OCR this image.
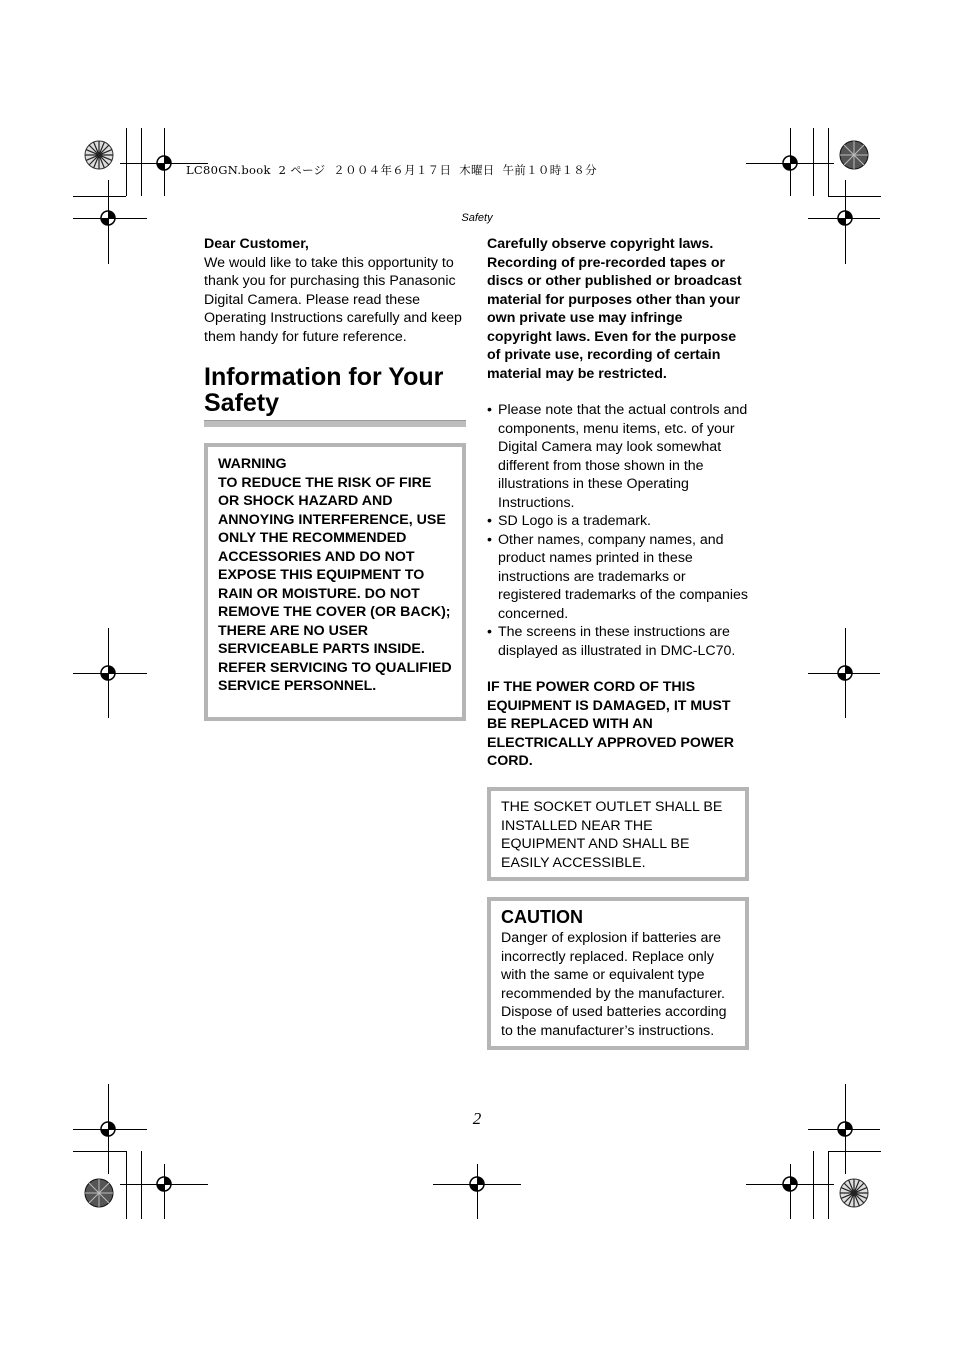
LC80GN.book  2 ページ  ２００４年６月１７日  木曜日  午前１０時１８分
Safety

Dear Customer,

We would like to take this opportunity to thank you for purchasing this Panasonic Digital Camera. Please read these Operating Instructions carefully and keep them handy for future reference.

Information for Your Safety

WARNING

TO REDUCE THE RISK OF FIRE OR SHOCK HAZARD AND ANNOYING INTERFERENCE, USE ONLY THE RECOMMENDED ACCESSORIES AND DO NOT EXPOSE THIS EQUIPMENT TO RAIN OR MOISTURE. DO NOT REMOVE THE COVER (OR BACK); THERE ARE NO USER SERVICEABLE PARTS INSIDE. REFER SERVICING TO QUALIFIED SERVICE PERSONNEL.

Carefully observe copyright laws. Recording of pre-recorded tapes or discs or other published or broadcast material for purposes other than your own private use may infringe copyright laws. Even for the purpose of private use, recording of certain material may be restricted.

• Please note that the actual controls and components, menu items, etc. of your Digital Camera may look somewhat different from those shown in the illustrations in these Operating Instructions.
• SD Logo is a trademark.
• Other names, company names, and product names printed in these instructions are trademarks or registered trademarks of the companies concerned.
• The screens in these instructions are displayed as illustrated in DMC-LC70.

IF THE POWER CORD OF THIS EQUIPMENT IS DAMAGED, IT MUST BE REPLACED WITH AN ELECTRICALLY APPROVED POWER CORD.

THE SOCKET OUTLET SHALL BE INSTALLED NEAR THE EQUIPMENT AND SHALL BE EASILY ACCESSIBLE.

CAUTION

Danger of explosion if batteries are incorrectly replaced. Replace only with the same or equivalent type recommended by the manufacturer. Dispose of used batteries according to the manufacturer’s instructions.

2
